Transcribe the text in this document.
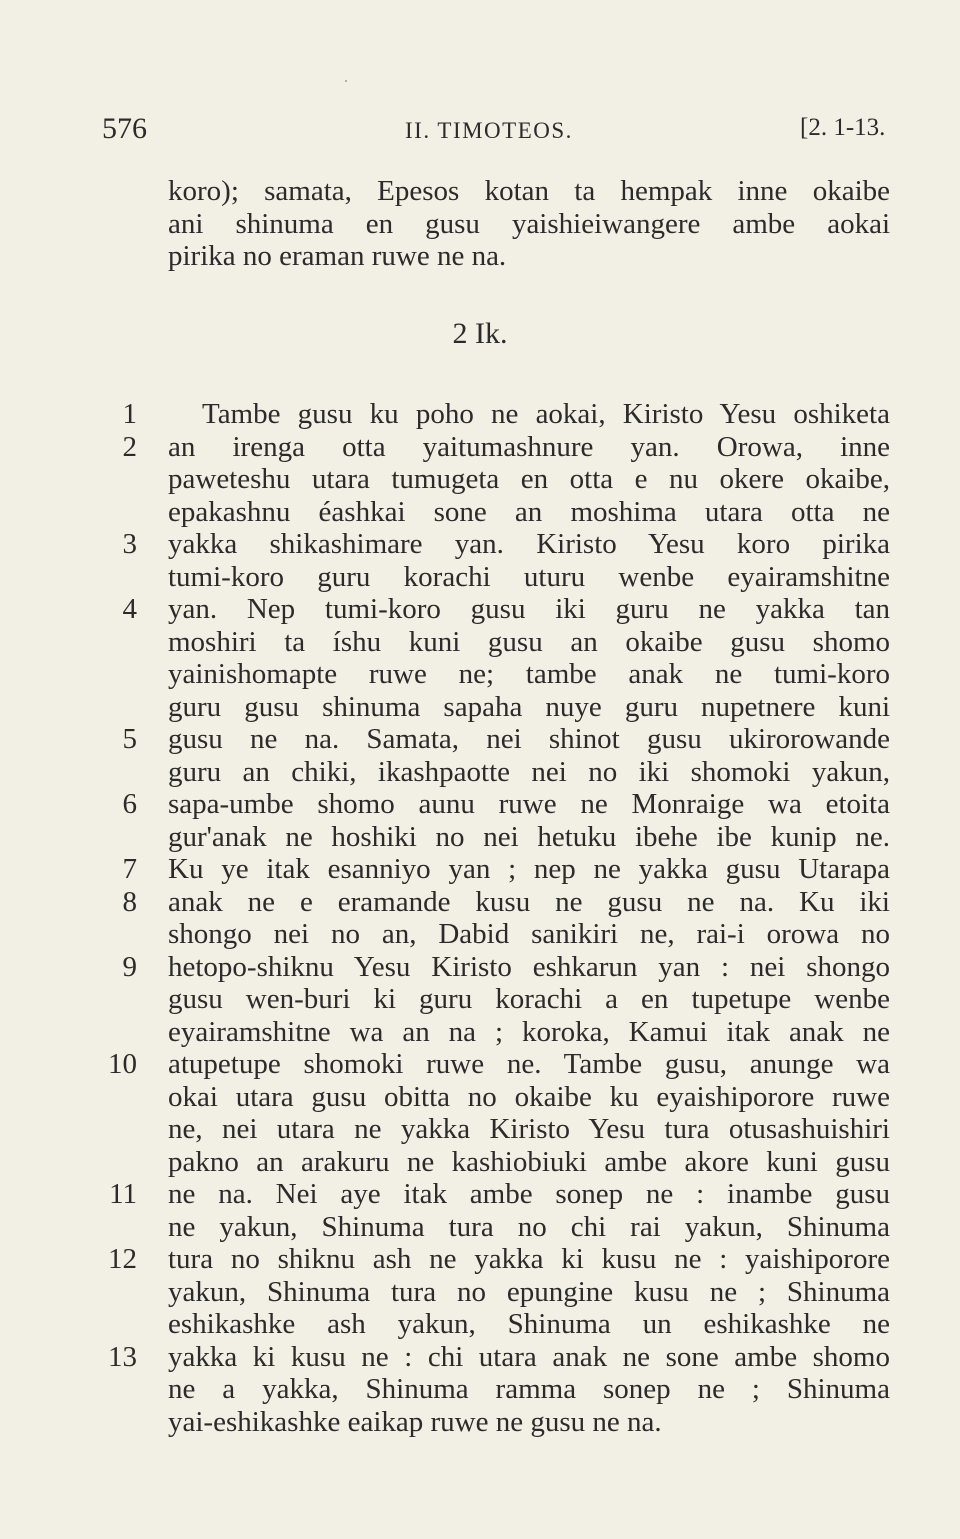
576	II. TIMOTEOS.	[2. 1-13.
koro); samata, Epesos kotan ta hempak inne okaibe
ani shinuma en gusu yaishieiwangere ambe aokai
pirika no eraman ruwe ne na.
2 Ik.
1 Tambe gusu ku poho ne aokai, Kiristo Yesu oshiketa
2 an irenga otta yaitumashnure yan. Orowa, inne
paweteshu utara tumugeta en otta e nu okere okaibe,
epakashnu éashkai sone an moshima utara otta ne
3 yakka shikashimare yan. Kiristo Yesu koro pirika
tumi-koro guru korachi uturu wenbe eyairamshitne
4 yan. Nep tumi-koro gusu iki guru ne yakka tan
moshiri ta íshu kuni gusu an okaibe gusu shomo
yainishomapte ruwe ne; tambe anak ne tumi-koro
guru gusu shinuma sapaha nuye guru nupetnere kuni
5 gusu ne na. Samata, nei shinot gusu ukirorowande
guru an chiki, ikashpaotte nei no iki shomoki yakun,
6 sapa-umbe shomo aunu ruwe ne Monraige wa etoita
gur'anak ne hoshiki no nei hetuku ibehe ibe kunip ne.
7 Ku ye itak esanniyo yan ; nep ne yakka gusu Utarapa
8 anak ne e eramande kusu ne gusu ne na. Ku iki
shongo nei no an, Dabid sanikiri ne, rai-i orowa no
9 hetopo-shiknu Yesu Kiristo eshkarun yan : nei shongo
gusu wen-buri ki guru korachi a en tupetupe wenbe
eyairamshitne wa an na ; koroka, Kamui itak anak ne
10 atupetupe shomoki ruwe ne. Tambe gusu, anunge wa
okai utara gusu obitta no okaibe ku eyaishiporore ruwe
ne, nei utara ne yakka Kiristo Yesu tura otusashuishiri
pakno an arakuru ne kashiobiuki ambe akore kuni gusu
11 ne na. Nei aye itak ambe sonep ne : inambe gusu
ne yakun, Shinuma tura no chi rai yakun, Shinuma
12 tura no shiknu ash ne yakka ki kusu ne : yaishiporore
yakun, Shinuma tura no epungine kusu ne ; Shinuma
eshikashke ash yakun, Shinuma un eshikashke ne
13 yakka ki kusu ne : chi utara anak ne sone ambe shomo
ne a yakka, Shinuma ramma sonep ne ; Shinuma
yai-eshikashke eaikap ruwe ne gusu ne na.
